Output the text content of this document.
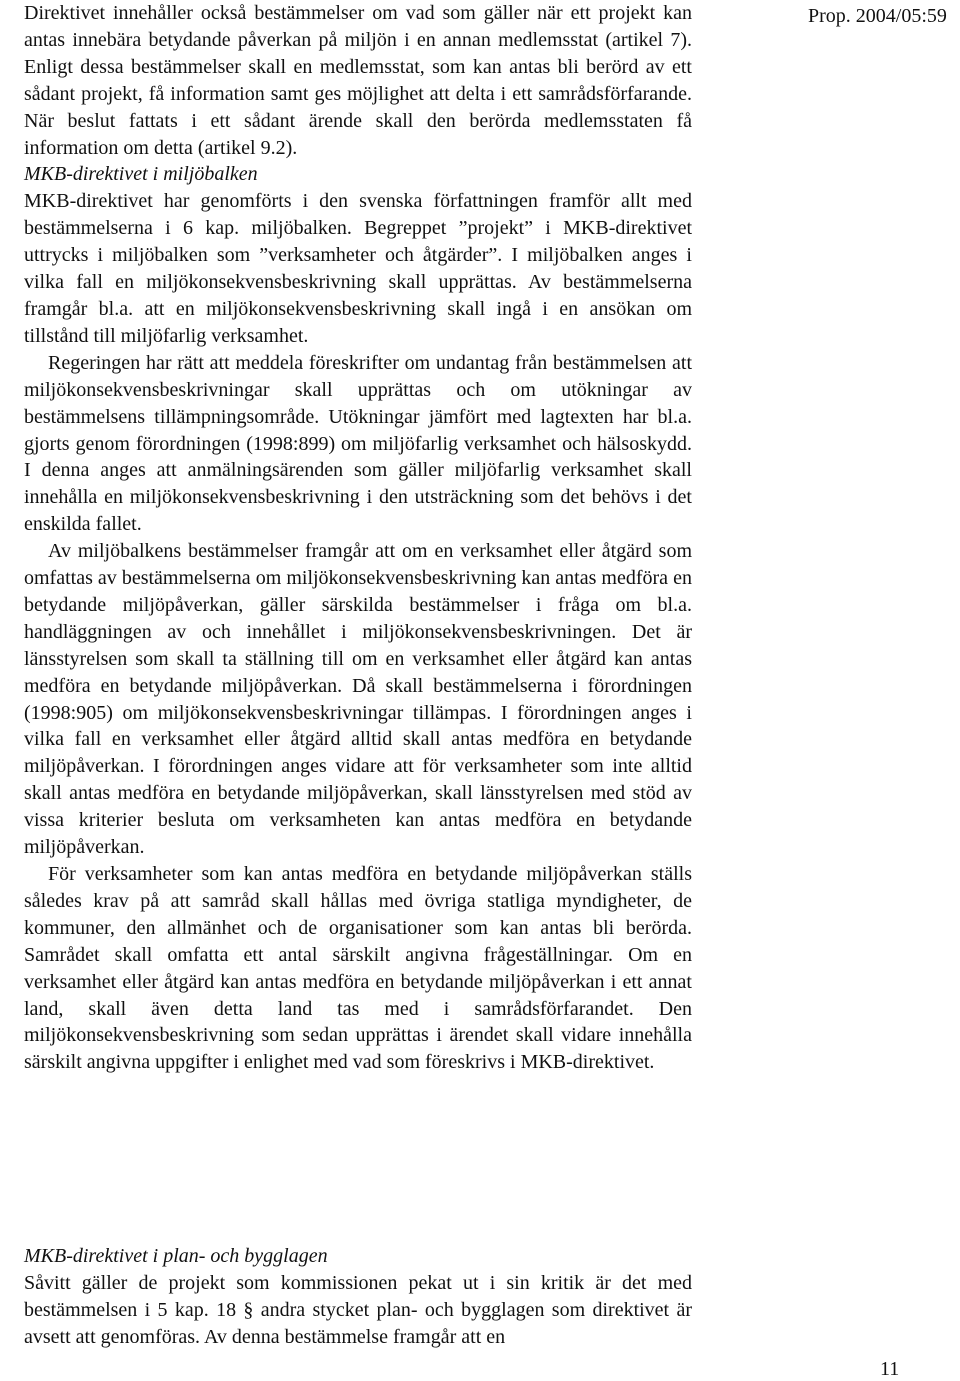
Prop. 2004/05:59

Direktivet innehåller också bestämmelser om vad som gäller när ett projekt kan antas innebära betydande påverkan på miljön i en annan medlemsstat (artikel 7). Enligt dessa bestämmelser skall en medlemsstat, som kan antas bli berörd av ett sådant projekt, få information samt ges möjlighet att delta i ett samrådsförfarande. När beslut fattats i ett sådant ärende skall den berörda medlemsstaten få information om detta (artikel 9.2).

MKB-direktivet i miljöbalken

MKB-direktivet har genomförts i den svenska författningen framför allt med bestämmelserna i 6 kap. miljöbalken. Begreppet ”projekt” i MKB-direktivet uttrycks i miljöbalken som ”verksamheter och åtgärder”. I miljöbalken anges i vilka fall en miljökonsekvensbeskrivning skall upprättas. Av bestämmelserna framgår bl.a. att en miljökonsekvensbeskrivning skall ingå i en ansökan om tillstånd till miljöfarlig verksamhet.

Regeringen har rätt att meddela föreskrifter om undantag från bestämmelsen att miljökonsekvensbeskrivningar skall upprättas och om utökningar av bestämmelsens tillämpningsområde. Utökningar jämfört med lagtexten har bl.a. gjorts genom förordningen (1998:899) om miljöfarlig verksamhet och hälsoskydd. I denna anges att anmälningsärenden som gäller miljöfarlig verksamhet skall innehålla en miljökonsekvensbeskrivning i den utsträckning som det behövs i det enskilda fallet.

Av miljöbalkens bestämmelser framgår att om en verksamhet eller åtgärd som omfattas av bestämmelserna om miljökonsekvensbeskrivning kan antas medföra en betydande miljöpåverkan, gäller särskilda bestämmelser i fråga om bl.a. handläggningen av och innehållet i miljökonsekvensbeskrivningen. Det är länsstyrelsen som skall ta ställning till om en verksamhet eller åtgärd kan antas medföra en betydande miljöpåverkan. Då skall bestämmelserna i förordningen (1998:905) om miljökonsekvensbeskrivningar tillämpas. I förordningen anges i vilka fall en verksamhet eller åtgärd alltid skall antas medföra en betydande miljöpåverkan. I förordningen anges vidare att för verksamheter som inte alltid skall antas medföra en betydande miljöpåverkan, skall länsstyrelsen med stöd av vissa kriterier besluta om verksamheten kan antas medföra en betydande miljöpåverkan.

För verksamheter som kan antas medföra en betydande miljöpåverkan ställs således krav på att samråd skall hållas med övriga statliga myndigheter, de kommuner, den allmänhet och de organisationer som kan antas bli berörda. Samrådet skall omfatta ett antal särskilt angivna frågeställningar. Om en verksamhet eller åtgärd kan antas medföra en betydande miljöpåverkan i ett annat land, skall även detta land tas med i samrådsförfarandet. Den miljökonsekvensbeskrivning som sedan upprättas i ärendet skall vidare innehålla särskilt angivna uppgifter i enlighet med vad som föreskrivs i MKB-direktivet.

MKB-direktivet i plan- och bygglagen

Såvitt gäller de projekt som kommissionen pekat ut i sin kritik är det med bestämmelsen i 5 kap. 18 § andra stycket plan- och bygglagen som direktivet är avsett att genomföras. Av denna bestämmelse framgår att en

11
